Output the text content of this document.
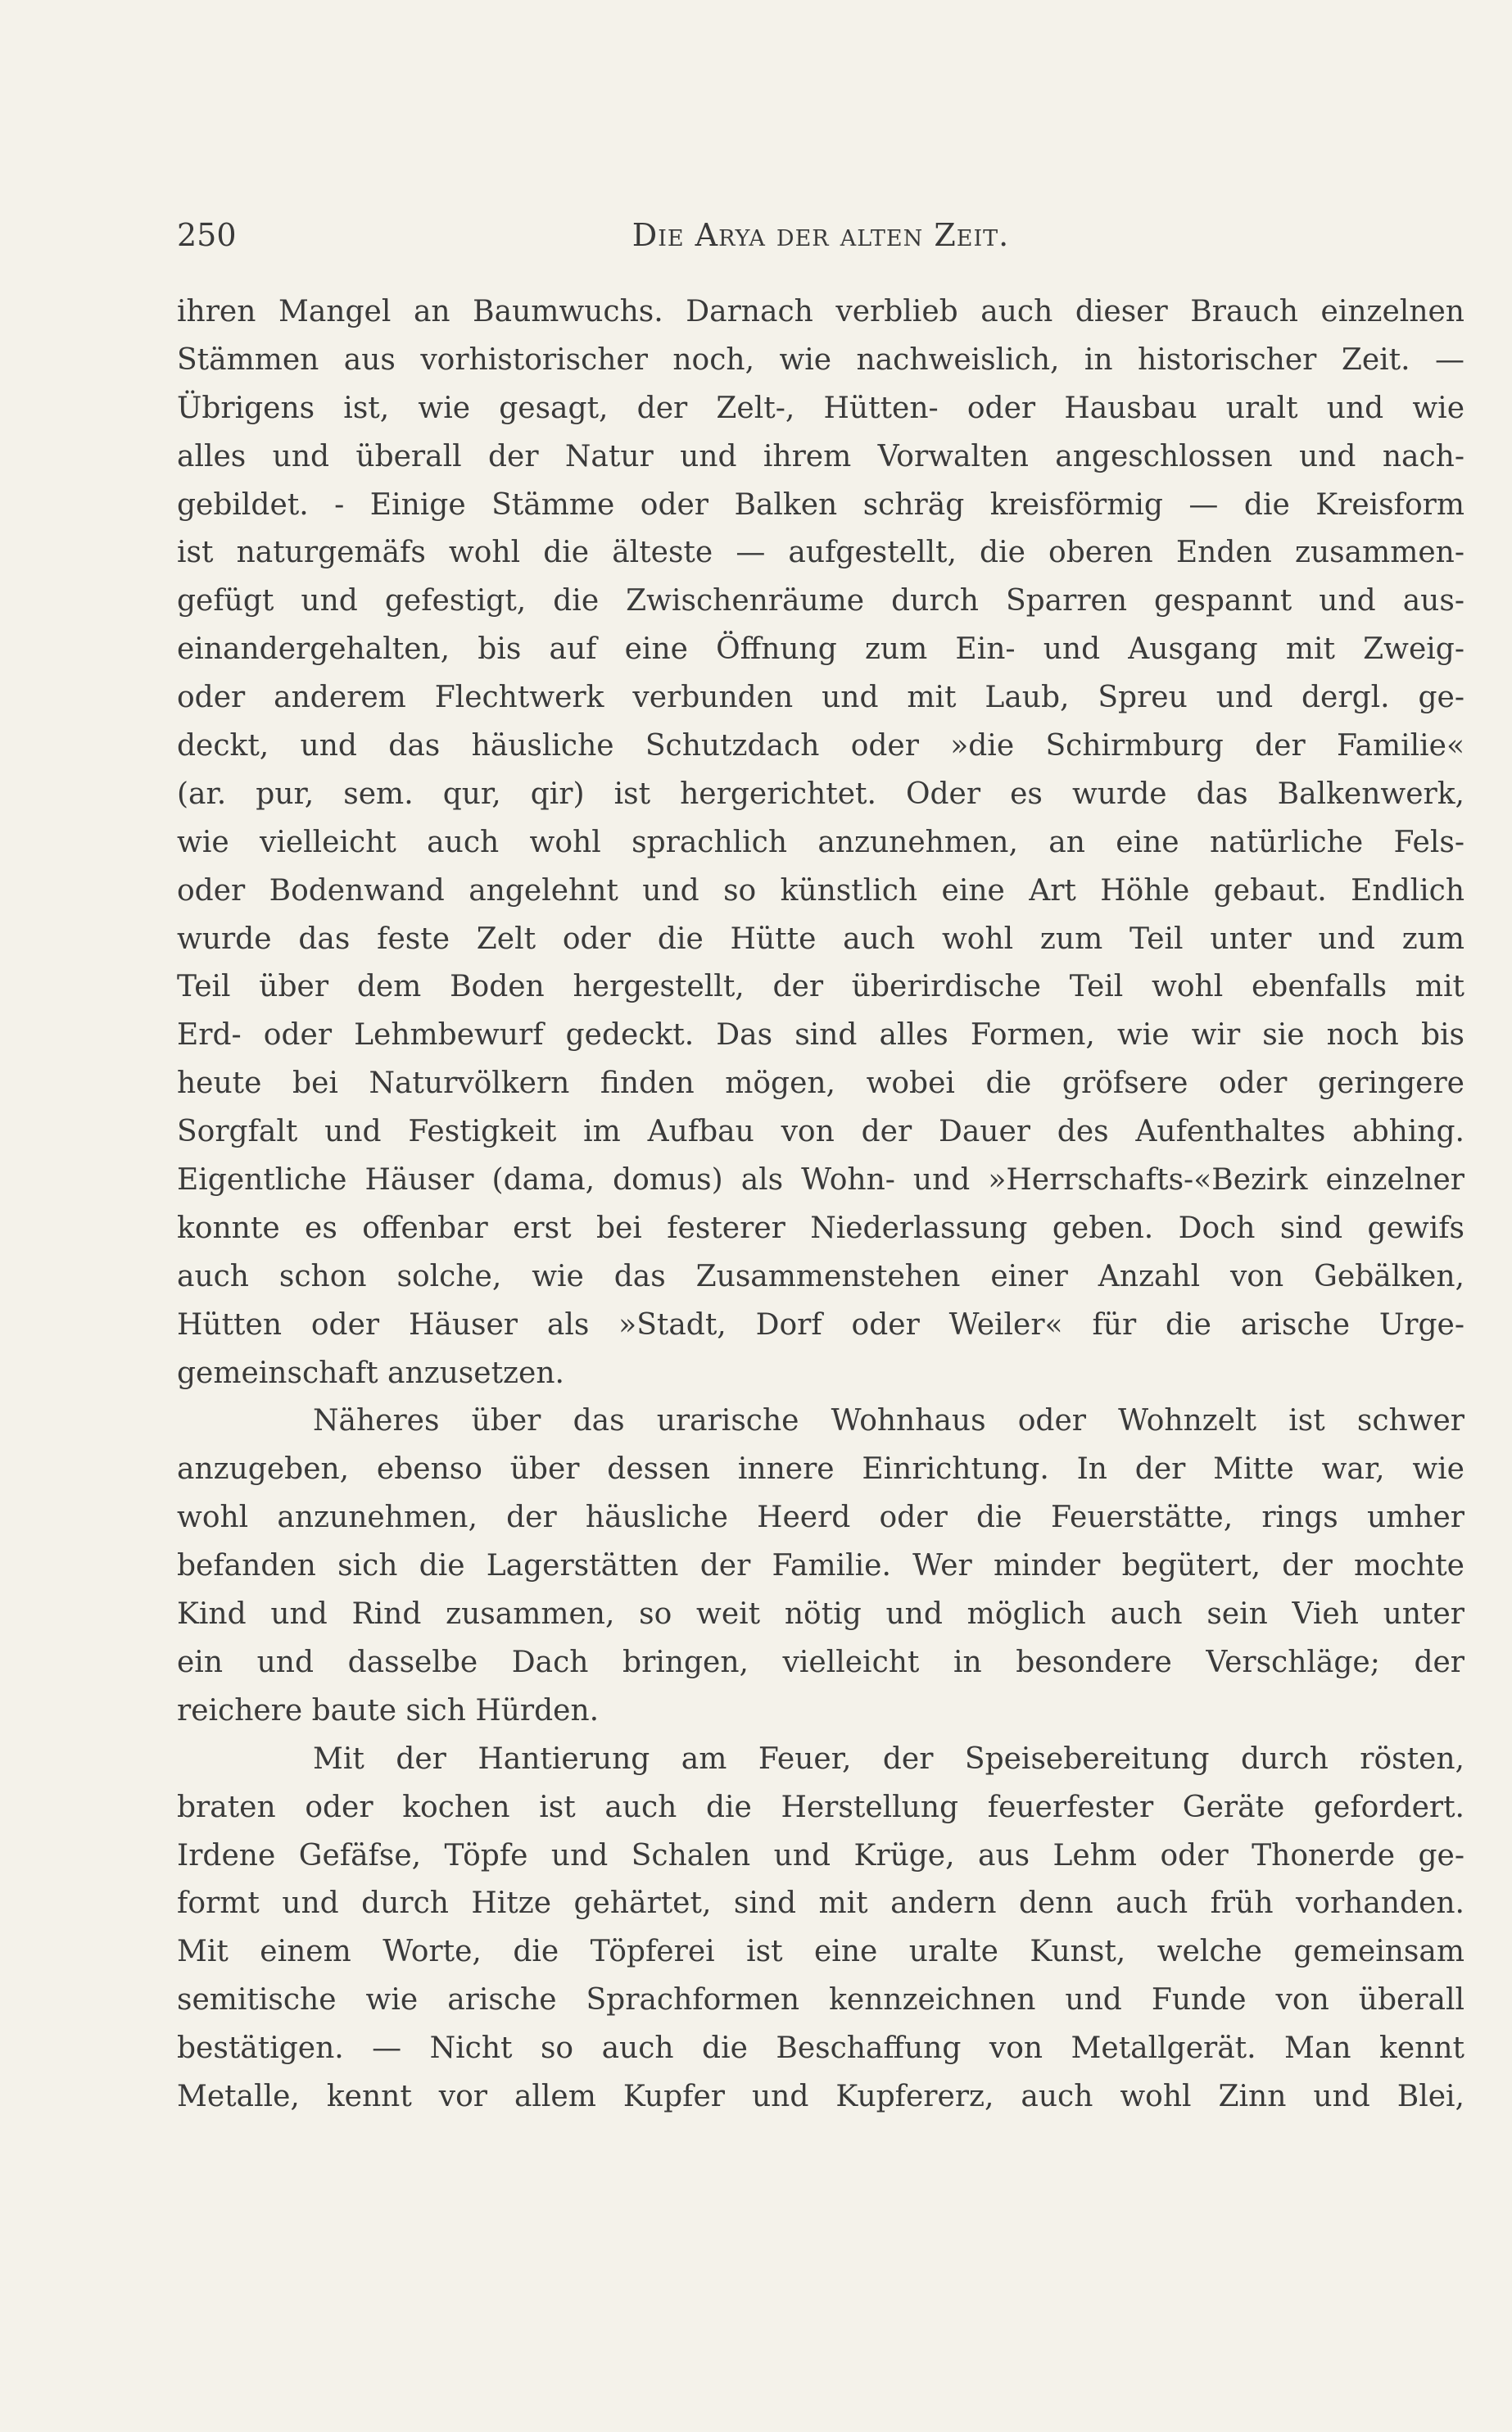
250	Die Arya der alten Zeit.
ihren Mangel an Baumwuchs. Darnach verblieb auch dieser Brauch einzelnen
Stämmen aus vorhistorischer noch, wie nachweislich, in historischer Zeit. —
Übrigens ist, wie gesagt, der Zelt-, Hütten- oder Hausbau uralt und wie
alles und überall der Natur und ihrem Vorwalten angeschlossen und nach-
gebildet. - Einige Stämme oder Balken schräg kreisförmig — die Kreisform
ist naturgemäfs wohl die älteste — aufgestellt, die oberen Enden zusammen-
gefügt und gefestigt, die Zwischenräume durch Sparren gespannt und aus-
einandergehalten, bis auf eine Öffnung zum Ein- und Ausgang mit Zweig-
oder anderem Flechtwerk verbunden und mit Laub, Spreu und dergl. ge-
deckt, und das häusliche Schutzdach oder »die Schirmburg der Familie«
(ar. pur, sem. qur, qir) ist hergerichtet. Oder es wurde das Balkenwerk,
wie vielleicht auch wohl sprachlich anzunehmen, an eine natürliche Fels-
oder Bodenwand angelehnt und so künstlich eine Art Höhle gebaut. Endlich
wurde das feste Zelt oder die Hütte auch wohl zum Teil unter und zum
Teil über dem Boden hergestellt, der überirdische Teil wohl ebenfalls mit
Erd- oder Lehmbewurf gedeckt. Das sind alles Formen, wie wir sie noch bis
heute bei Naturvölkern finden mögen, wobei die gröfsere oder geringere
Sorgfalt und Festigkeit im Aufbau von der Dauer des Aufenthaltes abhing.
Eigentliche Häuser (dama, domus) als Wohn- und »Herrschafts-«Bezirk einzelner
konnte es offenbar erst bei festerer Niederlassung geben. Doch sind gewifs
auch schon solche, wie das Zusammenstehen einer Anzahl von Gebälken,
Hütten oder Häuser als »Stadt, Dorf oder Weiler« für die arische Urge-
gemeinschaft anzusetzen.
Näheres über das urarische Wohnhaus oder Wohnzelt ist schwer
anzugeben, ebenso über dessen innere Einrichtung. In der Mitte war, wie
wohl anzunehmen, der häusliche Heerd oder die Feuerstätte, rings umher
befanden sich die Lagerstätten der Familie. Wer minder begütert, der mochte
Kind und Rind zusammen, so weit nötig und möglich auch sein Vieh unter
ein und dasselbe Dach bringen, vielleicht in besondere Verschläge; der
reichere baute sich Hürden.
Mit der Hantierung am Feuer, der Speisebereitung durch rösten,
braten oder kochen ist auch die Herstellung feuerfester Geräte gefordert.
Irdene Gefäfse, Töpfe und Schalen und Krüge, aus Lehm oder Thonerde ge-
formt und durch Hitze gehärtet, sind mit andern denn auch früh vorhanden.
Mit einem Worte, die Töpferei ist eine uralte Kunst, welche gemeinsam
semitische wie arische Sprachformen kennzeichnen und Funde von überall
bestätigen. — Nicht so auch die Beschaffung von Metallgerät. Man kennt
Metalle, kennt vor allem Kupfer und Kupfererz, auch wohl Zinn und Blei,
